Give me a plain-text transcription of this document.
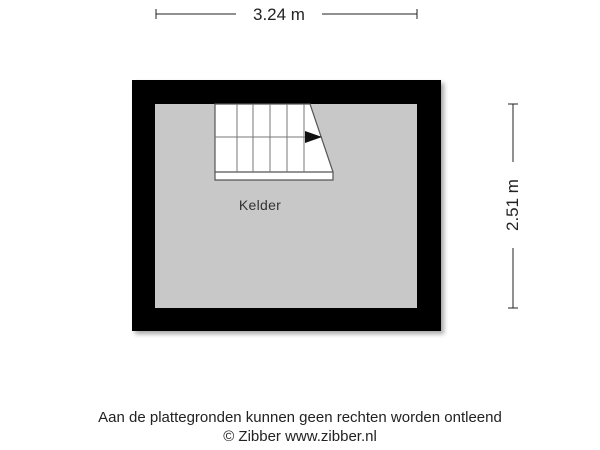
3.24 m
2.51 m
Kelder
Aan de plattegronden kunnen geen rechten worden ontleend
© Zibber www.zibber.nl
